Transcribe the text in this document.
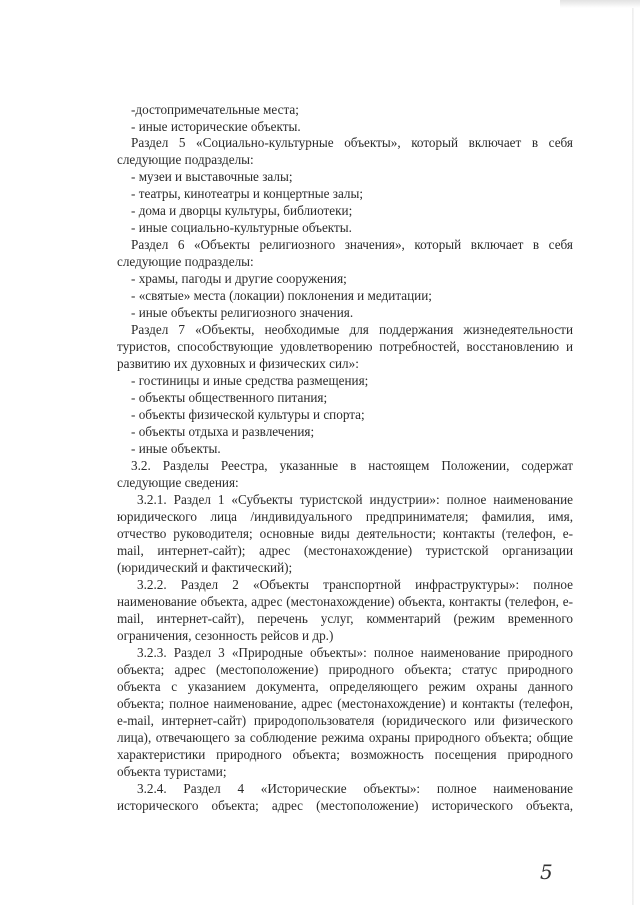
-достопримечательные места;
- иные исторические объекты.
Раздел 5 «Социально-культурные объекты», который включает в себя
следующие подразделы:
- музеи и выставочные залы;
- театры, кинотеатры и концертные залы;
- дома и дворцы культуры, библиотеки;
- иные социально-культурные объекты.
Раздел 6 «Объекты религиозного значения», который включает в себя
следующие подразделы:
- храмы, пагоды и другие сооружения;
- «святые» места (локации) поклонения и медитации;
- иные объекты религиозного значения.
Раздел 7 «Объекты, необходимые для поддержания жизнедеятельности
туристов, способствующие удовлетворению потребностей, восстановлению и
развитию их духовных и физических сил»:
- гостиницы и иные средства размещения;
- объекты общественного питания;
- объекты физической культуры и спорта;
- объекты отдыха и развлечения;
- иные объекты.
3.2. Разделы Реестра, указанные в настоящем Положении, содержат
следующие сведения:
3.2.1. Раздел 1 «Субъекты туристской индустрии»: полное наименование
юридического лица /индивидуального предпринимателя; фамилия, имя,
отчество руководителя; основные виды деятельности; контакты (телефон, e-
mail, интернет-сайт); адрес (местонахождение) туристской организации
(юридический и фактический);
3.2.2. Раздел 2 «Объекты транспортной инфраструктуры»: полное
наименование объекта, адрес (местонахождение) объекта, контакты (телефон, e-
mail, интернет-сайт), перечень услуг, комментарий (режим временного
ограничения, сезонность рейсов и др.)
3.2.3. Раздел 3 «Природные объекты»: полное наименование природного
объекта; адрес (местоположение) природного объекта; статус природного
объекта с указанием документа, определяющего режим охраны данного
объекта; полное наименование, адрес (местонахождение) и контакты (телефон,
e-mail, интернет-сайт) природопользователя (юридического или физического
лица), отвечающего за соблюдение режима охраны природного объекта; общие
характеристики природного объекта; возможность посещения природного
объекта туристами;
3.2.4. Раздел 4 «Исторические объекты»: полное наименование
исторического объекта; адрес (местоположение) исторического объекта,
5
